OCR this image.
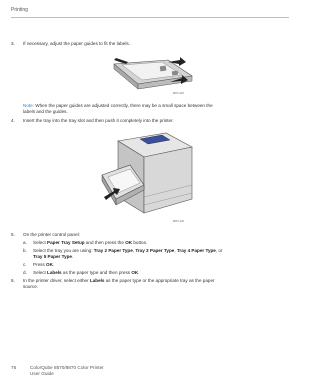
Printing
3.	If necessary, adjust the paper guides to fit the labels.
8570-118
Note: When the paper guides are adjusted correctly, there may be a small space between the
labels and the guides.
4.	Insert the tray into the tray slot and then push it completely into the printer.
8570-120
5.	On the printer control panel:
a. Select Paper Tray Setup and then press the OK button.
b. Select the tray you are using: Tray 2 Paper Type, Tray 3 Paper Type, Tray 4 Paper Type, or
Tray 5 Paper Type.
c. Press OK.
d. Select Labels as the paper type and then press OK.
6.	In the printer driver, select either Labels as the paper type or the appropriate tray as the paper
source.
76	ColorQube 8570/8870 Color Printer
User Guide
